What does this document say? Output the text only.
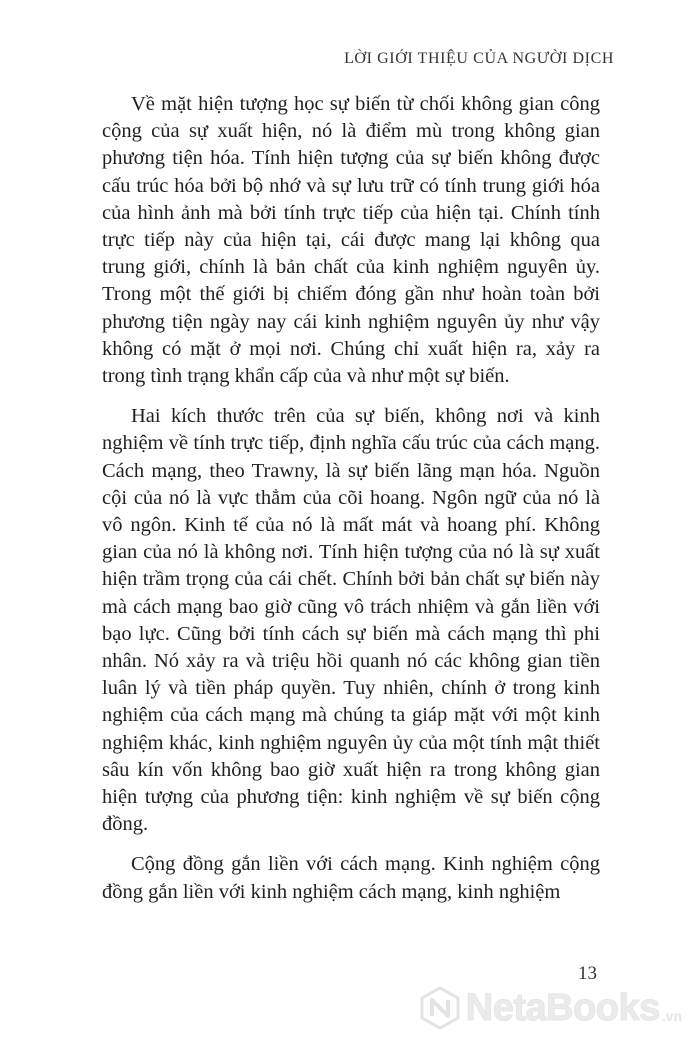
LỜI GIỚI THIỆU CỦA NGƯỜI DỊCH

Về mặt hiện tượng học sự biến từ chối không gian công cộng của sự xuất hiện, nó là điểm mù trong không gian phương tiện hóa. Tính hiện tượng của sự biến không được cấu trúc hóa bởi bộ nhớ và sự lưu trữ có tính trung giới hóa của hình ảnh mà bởi tính trực tiếp của hiện tại. Chính tính trực tiếp này của hiện tại, cái được mang lại không qua trung giới, chính là bản chất của kinh nghiệm nguyên ủy. Trong một thế giới bị chiếm đóng gần như hoàn toàn bởi phương tiện ngày nay cái kinh nghiệm nguyên ủy như vậy không có mặt ở mọi nơi. Chúng chỉ xuất hiện ra, xảy ra trong tình trạng khẩn cấp của và như một sự biến.

Hai kích thước trên của sự biến, không nơi và kinh nghiệm về tính trực tiếp, định nghĩa cấu trúc của cách mạng. Cách mạng, theo Trawny, là sự biến lãng mạn hóa. Nguồn cội của nó là vực thẳm của cõi hoang. Ngôn ngữ của nó là vô ngôn. Kinh tế của nó là mất mát và hoang phí. Không gian của nó là không nơi. Tính hiện tượng của nó là sự xuất hiện trầm trọng của cái chết. Chính bởi bản chất sự biến này mà cách mạng bao giờ cũng vô trách nhiệm và gắn liền với bạo lực. Cũng bởi tính cách sự biến mà cách mạng thì phi nhân. Nó xảy ra và triệu hồi quanh nó các không gian tiền luân lý và tiền pháp quyền. Tuy nhiên, chính ở trong kinh nghiệm của cách mạng mà chúng ta giáp mặt với một kinh nghiệm khác, kinh nghiệm nguyên ủy của một tính mật thiết sâu kín vốn không bao giờ xuất hiện ra trong không gian hiện tượng của phương tiện: kinh nghiệm về sự biến cộng đồng.

Cộng đồng gắn liền với cách mạng. Kinh nghiệm cộng đồng gắn liền với kinh nghiệm cách mạng, kinh nghiệm

13
NetaBooks .vn
